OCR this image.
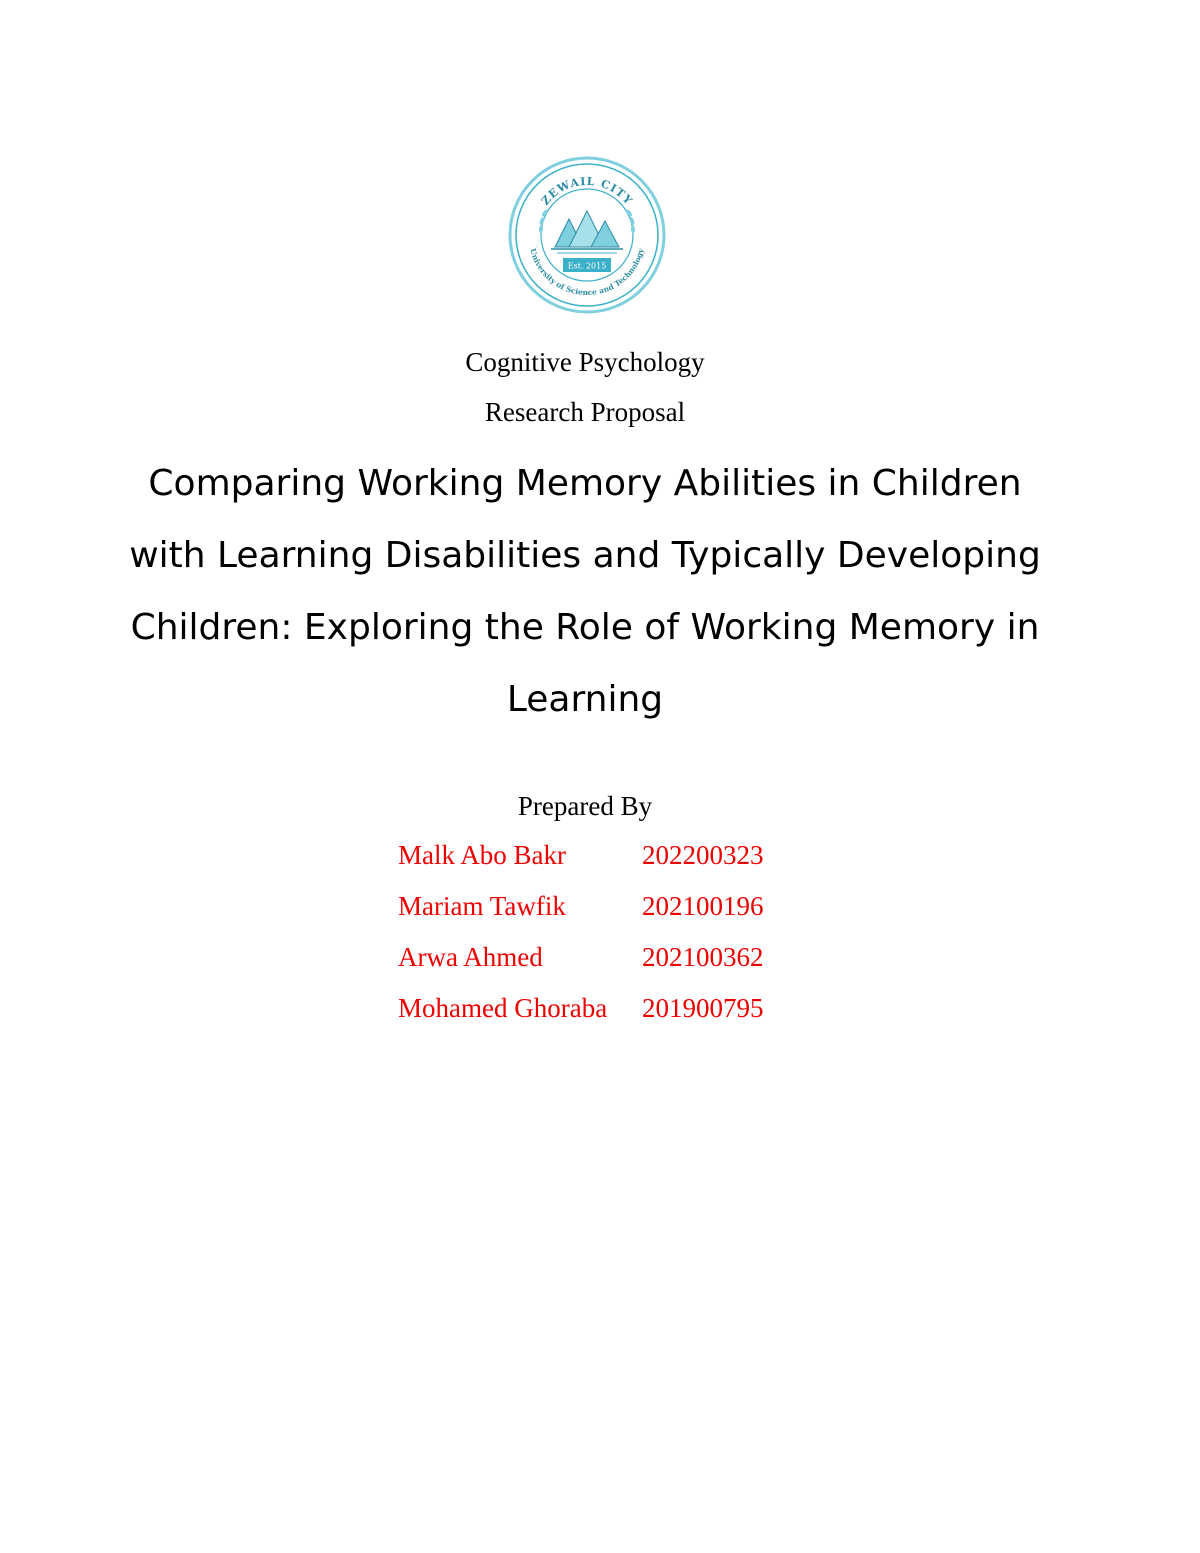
ZEWAIL CITY
University of Science and Technology
Est. 2015
Cognitive Psychology
Research Proposal
Comparing Working Memory Abilities in Children
with Learning Disabilities and Typically Developing
Children: Exploring the Role of Working Memory in
Learning
Prepared By
Malk Abo Bakr	202200323
Mariam Tawfik	202100196
Arwa Ahmed	202100362
Mohamed Ghoraba 201900795
